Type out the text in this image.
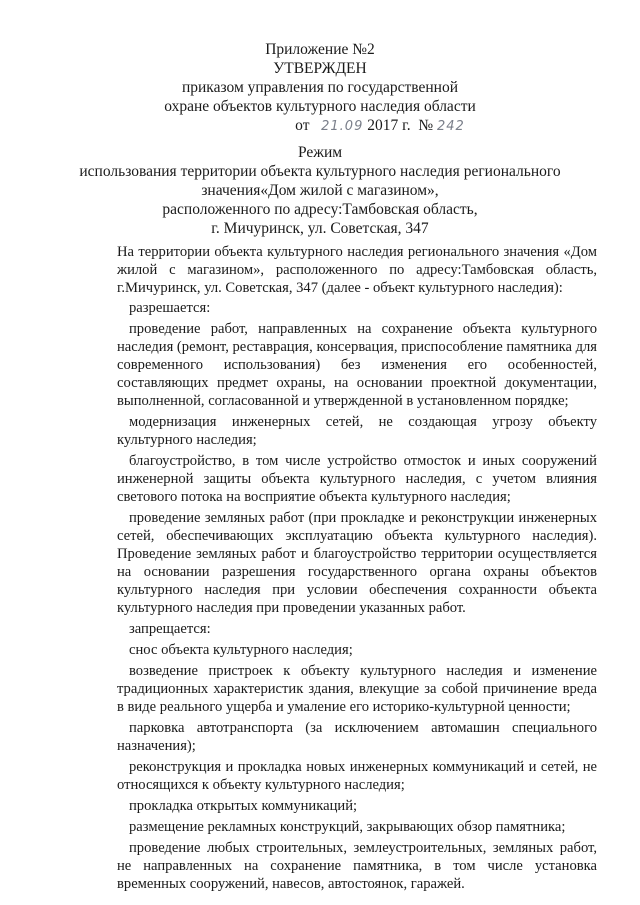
Приложение №2
УТВЕРЖДЕН
приказом управления по государственной
охране объектов культурного наследия области
от 21.09 2017 г. № 242
Режим
использования территории объекта культурного наследия регионального
значения«Дом жилой с магазином»,
расположенного по адресу:Тамбовская область,
г. Мичуринск, ул. Советская, 347

На территории объекта культурного наследия регионального значения «Дом жилой с магазином», расположенного по адресу:Тамбовская область, г.Мичуринск, ул. Советская, 347 (далее - объект культурного наследия):

разрешается:

проведение работ, направленных на сохранение объекта культурного наследия (ремонт, реставрация, консервация, приспособление памятника для современного использования) без изменения его особенностей, составляющих предмет охраны, на основании проектной документации, выполненной, согласованной и утвержденной в установленном порядке;

модернизация инженерных сетей, не создающая угрозу объекту культурного наследия;

благоустройство, в том числе устройство отмосток и иных сооружений инженерной защиты объекта культурного наследия, с учетом влияния светового потока на восприятие объекта культурного наследия;

проведение земляных работ (при прокладке и реконструкции инженерных сетей, обеспечивающих эксплуатацию объекта культурного наследия). Проведение земляных работ и благоустройство территории осуществляется на основании разрешения государственного органа охраны объектов культурного наследия при условии обеспечения сохранности объекта культурного наследия при проведении указанных работ.

запрещается:

снос объекта культурного наследия;

возведение пристроек к объекту культурного наследия и изменение традиционных характеристик здания, влекущие за собой причинение вреда в виде реального ущерба и умаление его историко-культурной ценности;

парковка автотранспорта (за исключением автомашин специального назначения);

реконструкция и прокладка новых инженерных коммуникаций и сетей, не относящихся к объекту культурного наследия;

прокладка открытых коммуникаций;

размещение рекламных конструкций, закрывающих обзор памятника;

проведение любых строительных, землеустроительных, земляных работ, не направленных на сохранение памятника, в том числе установка временных сооружений, навесов, автостоянок, гаражей.
